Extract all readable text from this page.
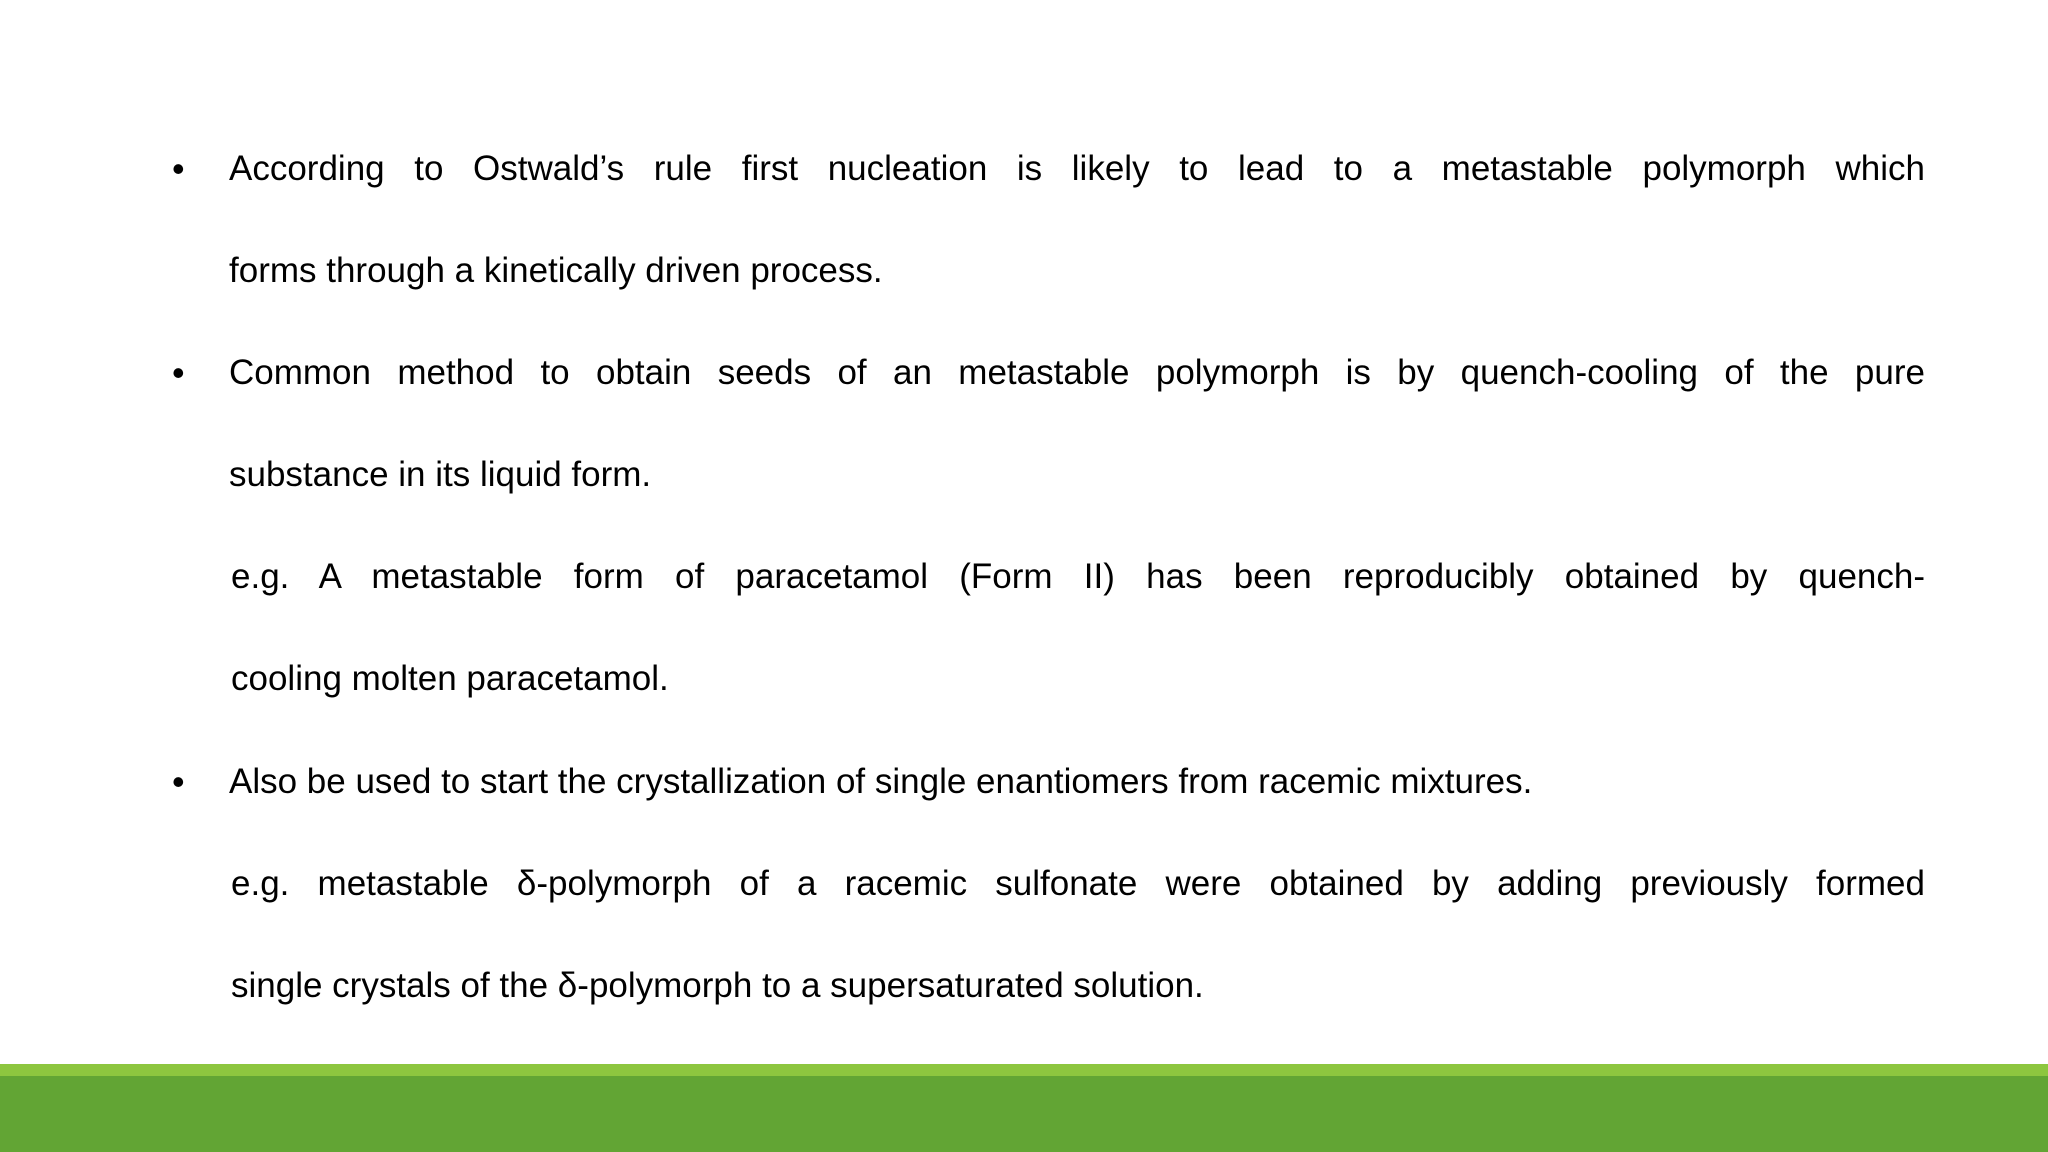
• According to Ostwald’s rule first nucleation is likely to lead to a metastable polymorph which
forms through a kinetically driven process.
• Common method to obtain seeds of an metastable polymorph is by quench-cooling of the pure
substance in its liquid form.
e.g. A metastable form of paracetamol (Form II) has been reproducibly obtained by quench-
cooling molten paracetamol.
• Also be used to start the crystallization of single enantiomers from racemic mixtures.
e.g. metastable δ-polymorph of a racemic sulfonate were obtained by adding previously formed
single crystals of the δ-polymorph to a supersaturated solution.
